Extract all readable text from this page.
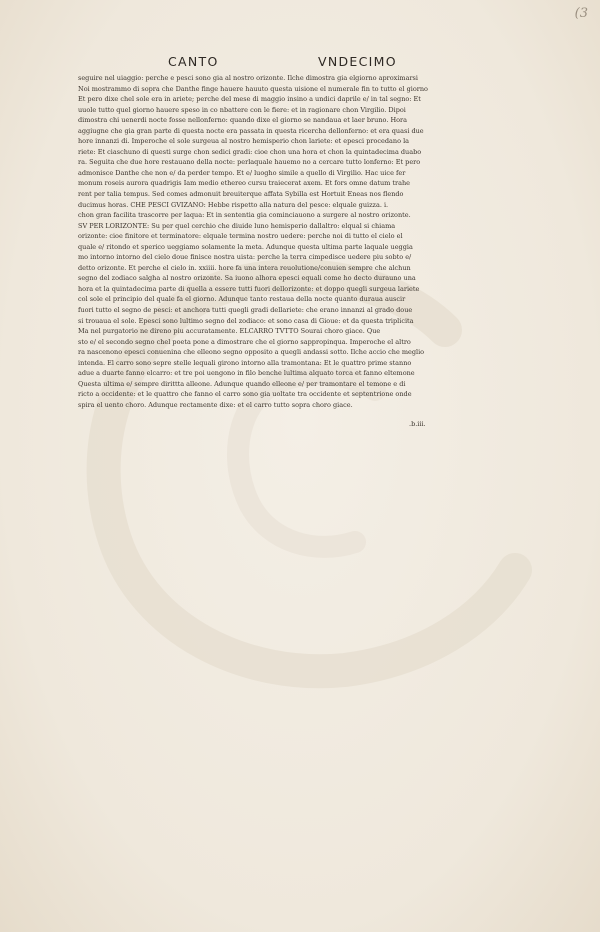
(3
CANTO	VNDECIMO
seguire nel uiaggio: perche e pesci sono gia al nostro orizonte. Ilche dimostra gia elgiorno aproximarsi
Noi mostrammo di sopra che Danthe finge hauere hauuto questa uisione el numerale fin to tutto el giorno
Et pero dixe chel sole era in ariete; perche del mese di maggio insino a undici daprile e/ in tal segno: Et
uuole tutto quel giorno hauere speso in co nbattere con le fiere: et in ragionare chon Virgilio. Dipoi
dimostra chi uenerdi nocte fosse nellonferno: quando dixe el giorno se nandaua et laer bruno. Hora
aggiugne che gia gran parte di questa nocte era passata in questa ricercha dellonferno: et era quasi due
hore innanzi di. Imperoche el sole surgeua al nostro hemisperio chon lariete: et epesci procedano la
riete: Et ciaschuno di questi surge chon sedici gradi: cioe chon una hora et chon la quintadecima duabo
ra. Seguita che due hore restauano della nocte: perlaquale hauemo no a cercare tutto lonferno: Et pero
admonisce Danthe che non e/ da perder tempo. Et e/ luogho simile a quello di Virgilio. Hac uice fer
monum roseis aurora quadrigis Iam medio ethereo cursu traiecerat axem. Et fors omne datum trahe
rent per talia tempus. Sed comes admonuit breuiterque affata Sybilla est Hortuit Eneas nos flendo
ducimus horas. CHE PESCI GVIZANO: Hebbe rispetto alla natura del pesce: elquale guizza. i.
chon gran facilita trascorre per laqua: Et in sententia gia cominciauono a surgere al nostro orizonte.
SV PER LORIZONTE: Su per quel cerchio che diuide luno hemisperio dallaltro: elqual si chiama
orizonte: cioe finitore et terminatore: elquale termina nostro uedere: perche noi di tutto el cielo el
quale e/ ritondo et sperico ueggiamo solamente la meta. Adunque questa ultima parte laquale ueggia
mo intorno intorno del cielo doue finisce nostra uista: perche la terra cimpedisce uedere piu sobto e/
detto orizonte. Et perche el cielo in. xxiiii. hore fa una intera reuolutione/conuien sempre che alchun
segno del zodiaco salgha al nostro orizonte. Sa iuono alhora epesci equali come ho decto durauno una
hora et la quintadecima parte di quella a essere tutti fuori dellorizonte: et doppo quegli surgeua lariete
col sole el principio del quale fa el giorno. Adunque tanto restaua della nocte quanto duraua auscir
fuori tutto el segno de pesci: et anchora tutti quegli gradi dellariete: che erano innanzi al grado doue
si trouaua el sole. Epesci sono lultimo segno del zodiaco: et sono casa di Gioue: et da questa triplicita
Ma nel purgatorio ne direno piu accuratamente. ELCARRO TVTTO Sourai choro giace. Que
sto e/ el secondo segno chel poeta pone a dimostrare che el giorno sappropinqua. Imperoche el altro
ra nascenono epesci conuenina che elleono segno opposito a quegli andassi sotto. Ilche accio che meglio
intenda. El carro sono sepre stelle lequali girono intorno alla tramontana: Et le quattro prime stanno
adue a duarte fanno elcarro: et tre poi uengono in filo benche lultima alquato torca et fanno eltemone
Questa ultima e/ sempre dirittta alleone. Adunque quando elleone e/ per tramontare el temone e di
ricto a occidente: et le quattro che fanno el carro sono gia uoltate tra occidente et septentrione onde
spira el uento choro. Adunque rectamente dixe: et el carro tutto sopra choro giace.
.b.iii.
